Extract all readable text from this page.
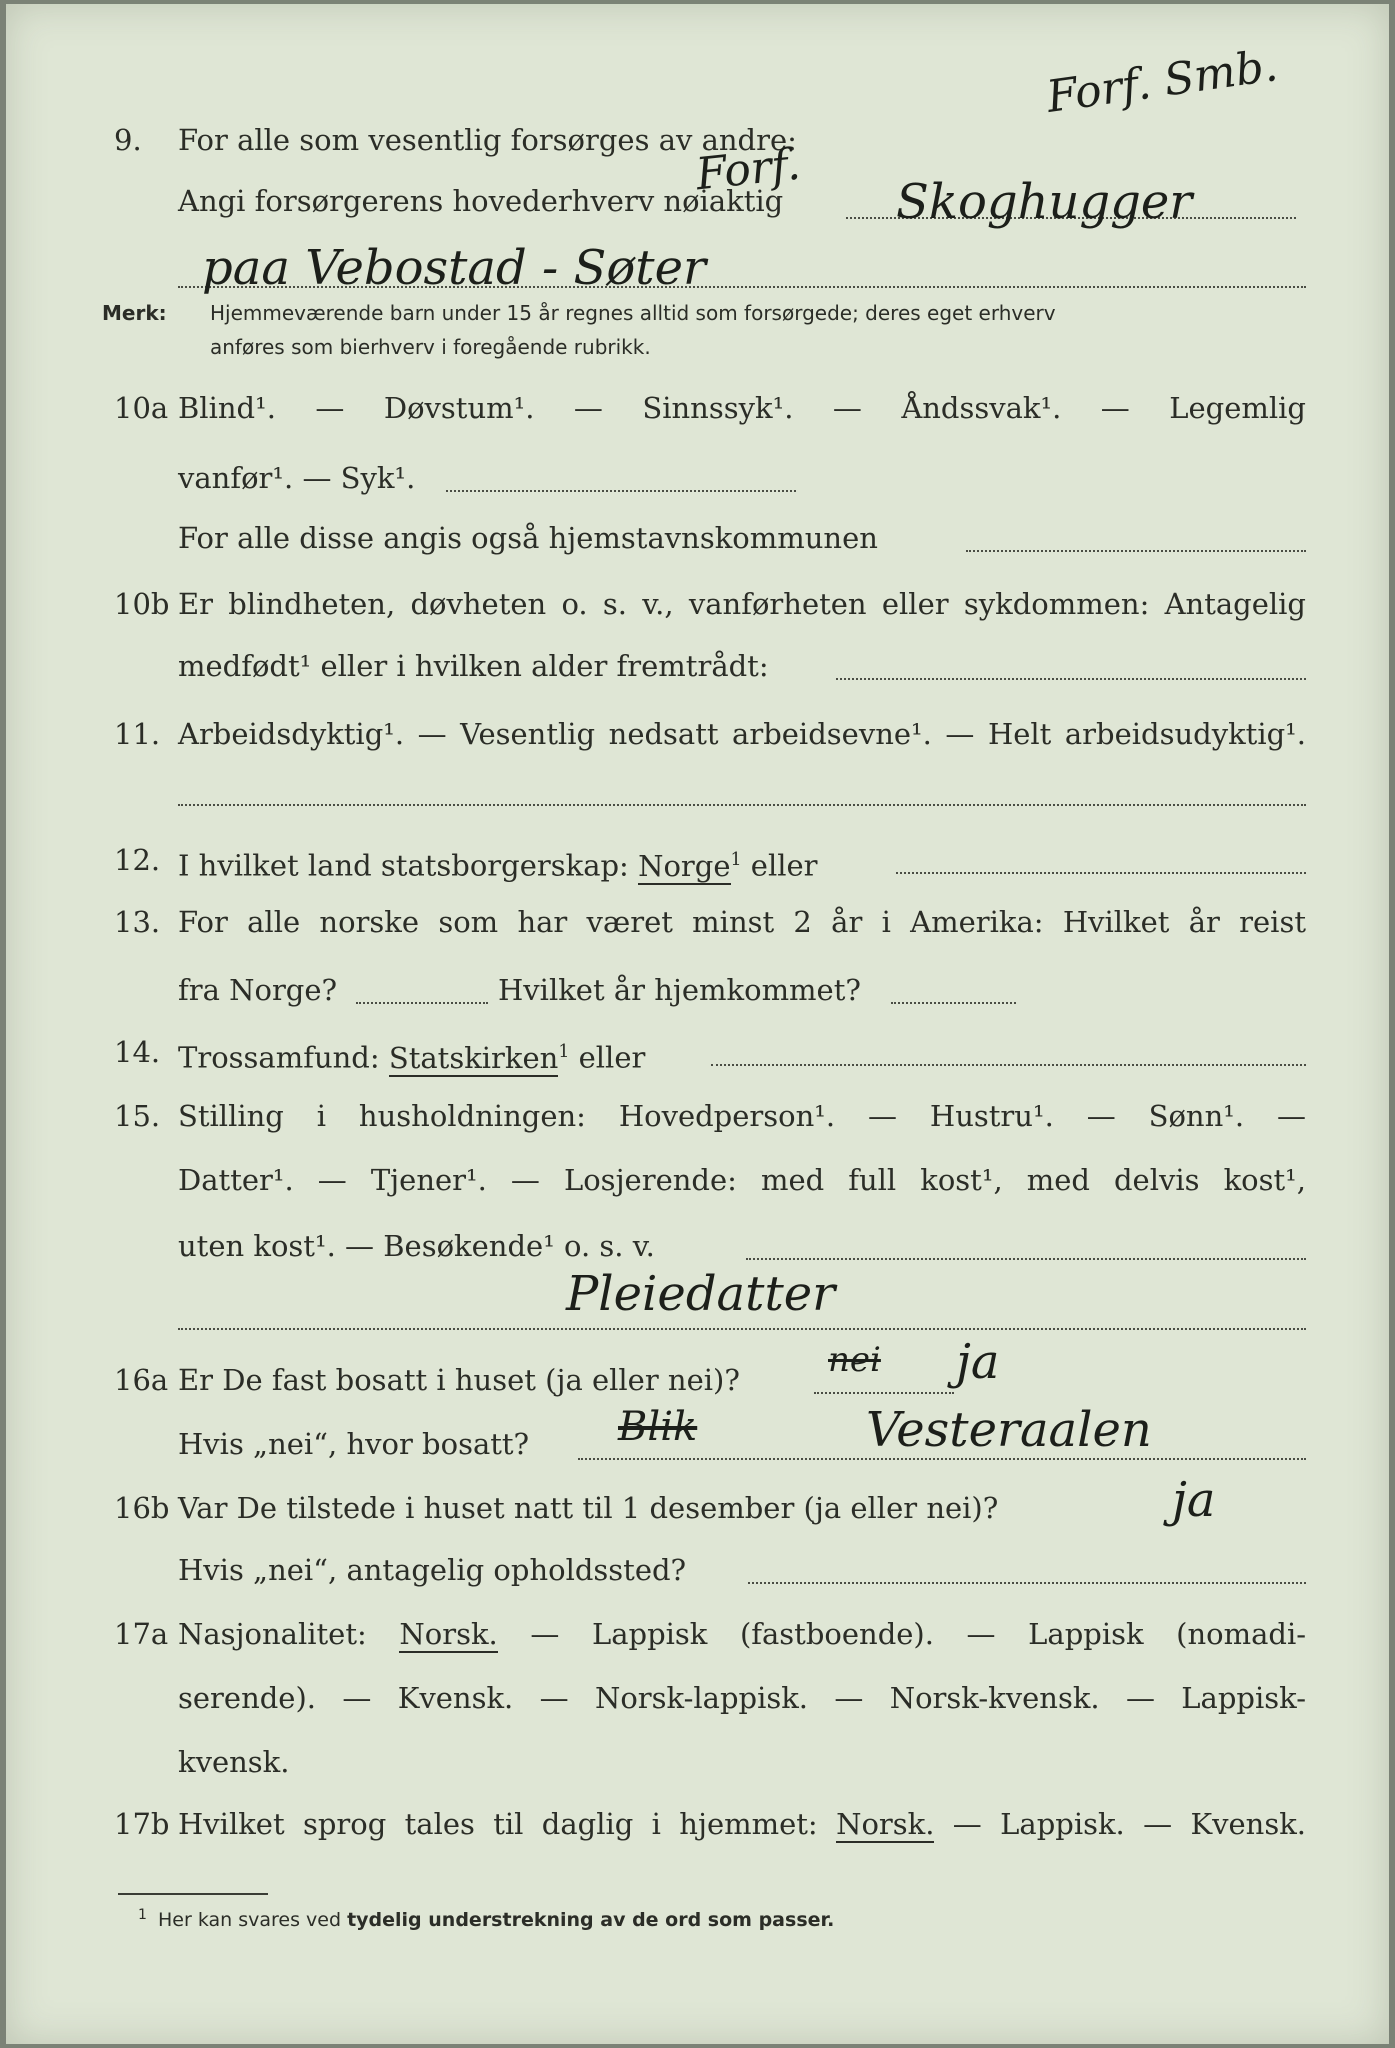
9. For alle som vesentlig forsørges av andre:
Angi forsørgerens hovederhverv nøiaktig
Merk: Hjemmeværende barn under 15 år regnes alltid som forsørgede; deres eget erhverv
anføres som bierhverv i foregående rubrikk.
10a Blind¹. — Døvstum¹. — Sinnssyk¹. — Åndssvak¹. — Legemlig
vanfør¹. — Syk¹.
For alle disse angis også hjemstavnskommunen
10b Er blindheten, døvheten o. s. v., vanførheten eller sykdommen: Antagelig
medfødt¹ eller i hvilken alder fremtrådt:
11. Arbeidsdyktig¹. — Vesentlig nedsatt arbeidsevne¹. — Helt arbeidsudyktig¹.
12. I hvilket land statsborgerskap: Norge$^1$ eller
13. For alle norske som har været minst 2 år i Amerika: Hvilket år reist
fra Norge?	Hvilket år hjemkommet?
14. Trossamfund: Statskirken$^1$ eller
15. Stilling i husholdningen: Hovedperson¹. — Hustru¹. — Sønn¹. —
Datter¹. — Tjener¹. — Losjerende: med full kost¹, med delvis kost¹,
uten kost¹. — Besøkende¹ o. s. v.
16a Er De fast bosatt i huset (ja eller nei)?
Hvis „nei“, hvor bosatt?
16b Var De tilstede i huset natt til 1 desember (ja eller nei)?
Hvis „nei“, antagelig opholdssted?
17a Nasjonalitet: Norsk. — Lappisk (fastboende). — Lappisk (nomadi-
serende). — Kvensk. — Norsk-lappisk. — Norsk-kvensk. — Lappisk-
kvensk.
17b Hvilket sprog tales til daglig i hjemmet: Norsk. — Lappisk. — Kvensk.
1 Her kan svares ved tydelig understrekning av de ord som passer.
Forf. Smb.
Forf.
Skoghugger
paa Vebostad - Søter
Pleiedatter
nei ja
Blik	Vesteraalen
ja
